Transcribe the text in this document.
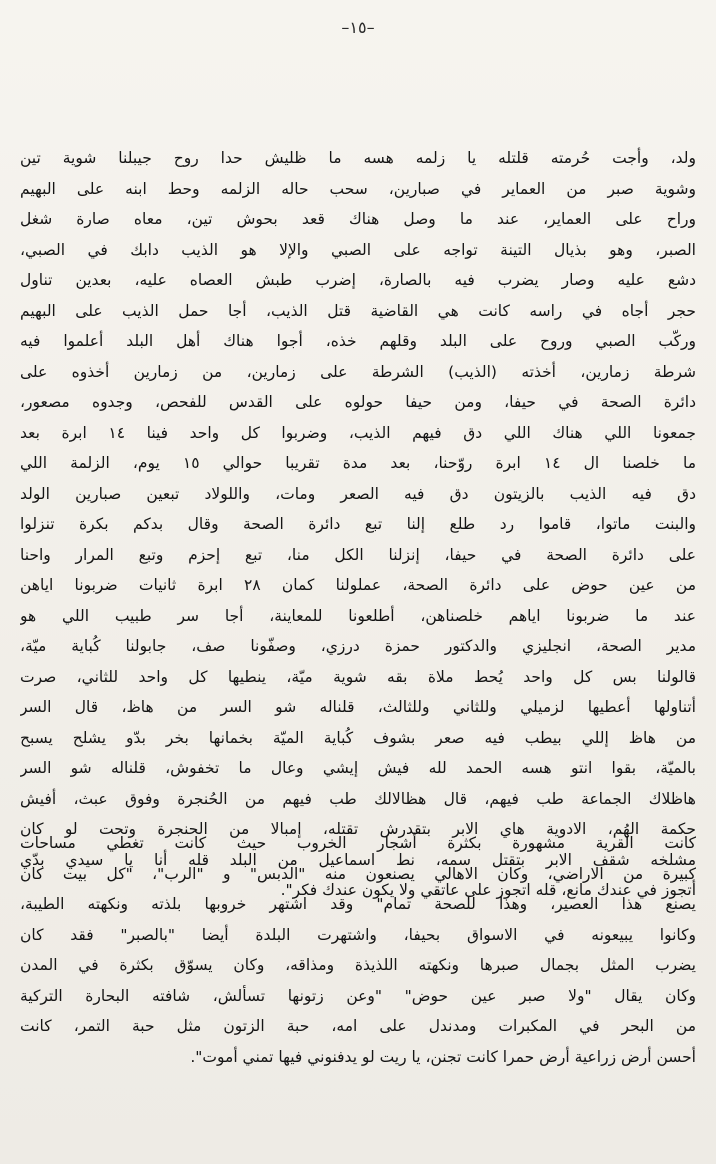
–١٥–
ولد، وأجت حُرمته قلتله يا زلمه هسه ما ظليش حدا روح جيبلنا شوية تين
وشوية صبر من العماير في صبارين، سحب حاله الزلمه وحط ابنه على البهيم
وراح على العماير، عند ما وصل هناك قعد بحوش تين، معاه صارة شغل
الصبر، وهو بذيال التينة تواجه على الصبي والإلا هو الذيب دابك في الصبي،
دشع عليه وصار يضرب فيه بالصارة، إضرب طبش العصاه عليه، بعدين تناول
حجر أجاه في راسه كانت هي القاضية قتل الذيب، أجا حمل الذيب على البهيم
وركّب الصبي وروح على البلد وقلهم خذه، أجوا هناك أهل البلد أعلموا فيه
شرطة زمارين، أخذته (الذيب) الشرطة على زمارين، من زمارين أخذوه على
دائرة الصحة في حيفا، ومن حيفا حولوه على القدس للفحص، وجدوه مصعور،
جمعونا اللي هناك اللي دق فيهم الذيب، وضربوا كل واحد فينا ١٤ ابرة بعد
ما خلصنا ال ١٤ ابرة روّحنا، بعد مدة تقريبا حوالي ١٥ يوم، الزلمة اللي
دق فيه الذيب بالزيتون دق فيه الصعر ومات، واللولاد تبعين صبارين الولد
والبنت ماتوا، قاموا رد طلع إلنا تبع دائرة الصحة وقال بدكم بكرة تنزلوا
على دائرة الصحة في حيفا، إنزلنا الكل منا، تبع إحزم وتبع المرار واحنا
من عين حوض على دائرة الصحة، عملولنا كمان ٢٨ ابرة ثانيات ضربونا اياهن
عند ما ضربونا اياهم خلصناهن، أطلعونا للمعاينة، أجا سر طبيب اللي هو
مدير الصحة، انجليزي والدكتور حمزة درزي، وصفّونا صف، جابولنا كُباية ميّة،
قالولنا بس كل واحد يُحط ملاة بقه شوية ميّة، ينطيها كل واحد للثاني، صرت
أتناولها أعطيها لزميلي وللثاني وللثالث، قلناله شو السر من هاظ، قال السر
من هاظ إللي بيطب فيه صعر بشوف كُباية الميّة بخمانها بخر بدّو يشلح يسبح
بالميّة، بقوا انتو هسه الحمد لله فيش إيشي وعال ما تخفوش، قلناله شو السر
هاظلاك الجماعة طب فيهم، قال هظالالك طب فيهم من الحُنجرة وفوق عبث، أفيش
حكمة الهُم، الادوية هاي الابر بتقدرش تقتله، إمبالا من الحنجرة وتحت لو كان
مشلخه شقف الابر بتقتل سمه، نط اسماعيل من البلد قله أنا يا سيدي بدّي
أتجوز في عندك مانع، قله اتجوز على عاتقي ولا يكون عندك فكر".
كانت القرية مشهورة بكثرة أشجار الخروب حيث كانت تغطي مساحات
كبيرة من الاراضي، وكان الاهالي يصنعون منه "الدبس" و "الرب"، "كل بيت كان
يصنع هذا العصير، وهذا للصحة تمام" وقد اشتهر خروبها بلذته ونكهته الطيبة،
وكانوا يبيعونه في الاسواق بحيفا، واشتهرت البلدة أيضا "بالصبر" فقد كان
يضرب المثل بجمال صبرها ونكهته اللذيذة ومذاقه، وكان يسوّق بكثرة في المدن
وكان يقال "ولا صبر عين حوض" "وعن زتونها تسألش، شافته البحارة التركية
من البحر في المكبرات ومدندل على امه، حبة الزتون مثل حبة التمر، كانت
أحسن أرض زراعية أرض حمرا كانت تجنن، يا ريت لو يدفنوني فيها تمني أموت".
